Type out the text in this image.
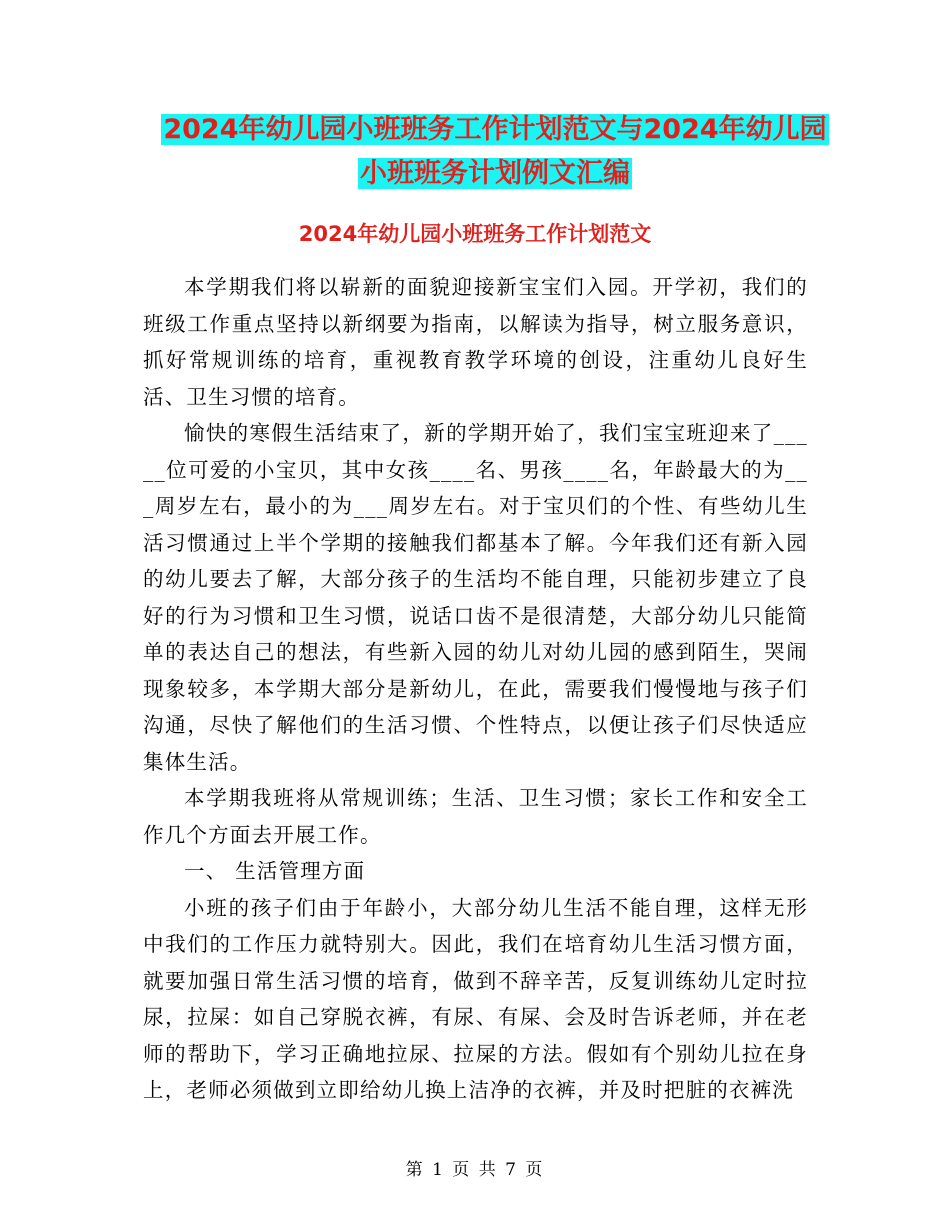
2024年幼儿园小班班务工作计划范文与2024年幼儿园
小班班务计划例文汇编
2024年幼儿园小班班务工作计划范文

本学期我们将以崭新的面貌迎接新宝宝们入园。开学初，我们的班级工作重点坚持以新纲要为指南，以解读为指导，树立服务意识，抓好常规训练的培育，重视教育教学环境的创设，注重幼儿良好生活、卫生习惯的培育。

愉快的寒假生活结束了，新的学期开始了，我们宝宝班迎来了_____位可爱的小宝贝，其中女孩____名、男孩____名，年龄最大的为___周岁左右，最小的为___周岁左右。对于宝贝们的个性、有些幼儿生活习惯通过上半个学期的接触我们都基本了解。今年我们还有新入园的幼儿要去了解，大部分孩子的生活均不能自理，只能初步建立了良好的行为习惯和卫生习惯，说话口齿不是很清楚，大部分幼儿只能简单的表达自己的想法，有些新入园的幼儿对幼儿园的感到陌生，哭闹现象较多，本学期大部分是新幼儿，在此，需要我们慢慢地与孩子们沟通，尽快了解他们的生活习惯、个性特点，以便让孩子们尽快适应集体生活。

本学期我班将从常规训练；生活、卫生习惯；家长工作和安全工作几个方面去开展工作。

一、 生活管理方面

小班的孩子们由于年龄小，大部分幼儿生活不能自理，这样无形中我们的工作压力就特别大。因此，我们在培育幼儿生活习惯方面，就要加强日常生活习惯的培育，做到不辞辛苦，反复训练幼儿定时拉尿，拉屎：如自己穿脱衣裤，有尿、有屎、会及时告诉老师，并在老师的帮助下，学习正确地拉尿、拉屎的方法。假如有个别幼儿拉在身上，老师必须做到立即给幼儿换上洁净的衣裤，并及时把脏的衣裤洗

第 1 页 共 7 页
